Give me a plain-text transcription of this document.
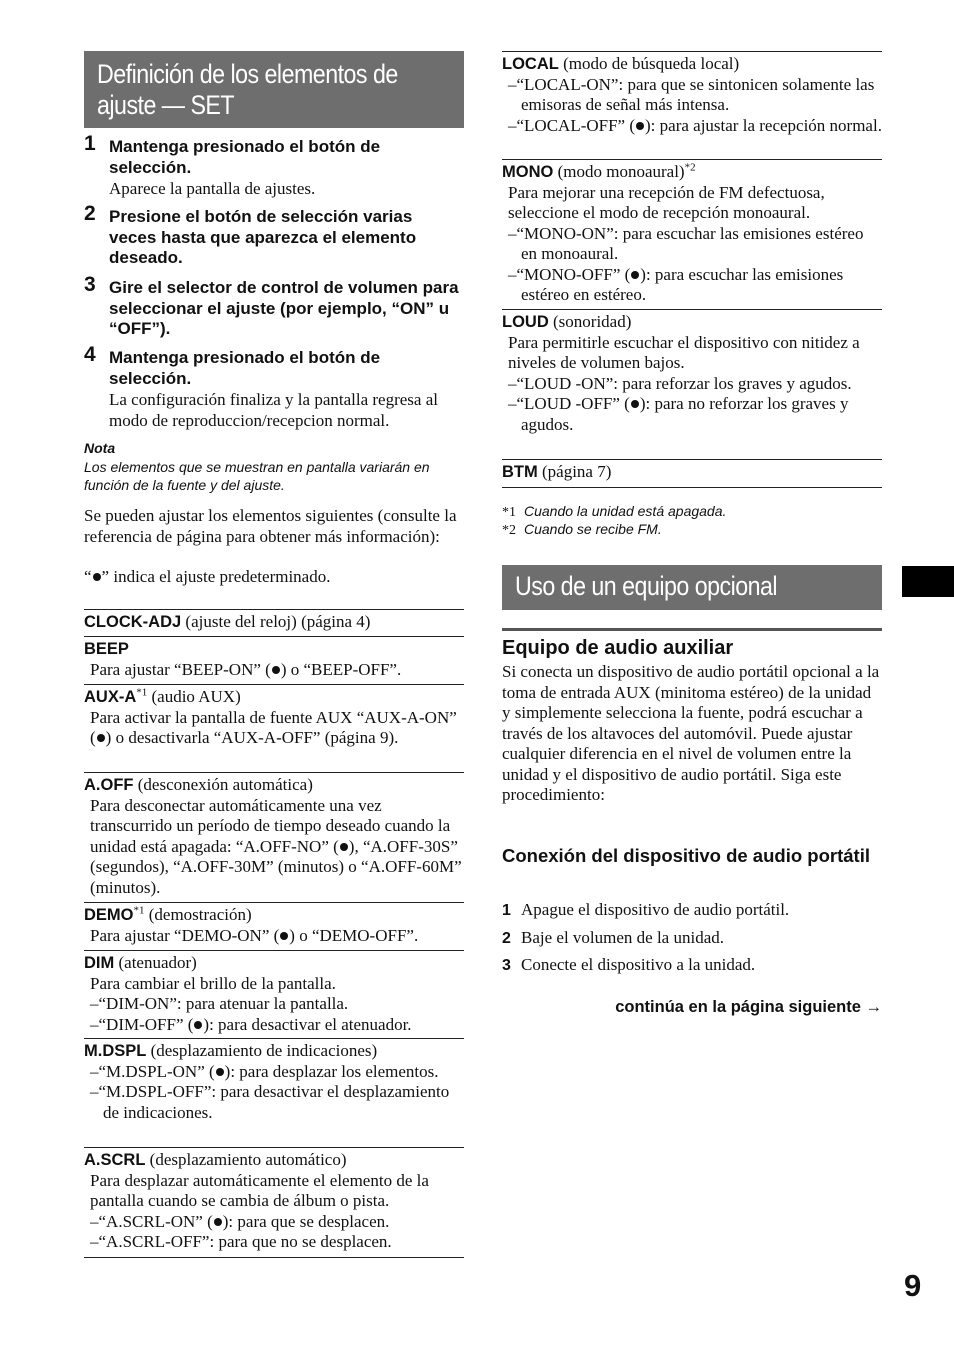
Definición de los elementos de
ajuste — SET
1 Mantenga presionado el botón de selección.
Aparece la pantalla de ajustes.
2 Presione el botón de selección varias veces hasta que aparezca el elemento deseado.
3 Gire el selector de control de volumen para seleccionar el ajuste (por ejemplo, “ON” u “OFF”).
4 Mantenga presionado el botón de selección.
La configuración finaliza y la pantalla regresa al modo de reproduccion/recepcion normal.
Nota
Los elementos que se muestran en pantalla variarán en función de la fuente y del ajuste.
Se pueden ajustar los elementos siguientes (consulte la referencia de página para obtener más información):
“ ” indica el ajuste predeterminado.
CLOCK-ADJ (ajuste del reloj) (página 4)
BEEP
Para ajustar “BEEP-ON” ( ) o “BEEP-OFF”.
AUX-$A^{*1}$ (audio AUX)
Para activar la pantalla de fuente AUX “AUX-A-ON” ( ) o desactivarla “AUX-A-OFF” (página 9).
A.OFF (desconexión automática)
Para desconectar automáticamente una vez transcurrido un período de tiempo deseado cuando la unidad está apagada: “A.OFF-NO” ( ), “A.OFF-30S” (segundos), “A.OFF-30M” (minutos) o “A.OFF-60M” (minutos).
DEMO$^{*1}$ (demostración)
Para ajustar “DEMO-ON” ( ) o “DEMO-OFF”.
DIM (atenuador)
Para cambiar el brillo de la pantalla.
–“DIM-ON”: para atenuar la pantalla.
–“DIM-OFF” ( ): para desactivar el atenuador.
M.DSPL (desplazamiento de indicaciones)
–“M.DSPL-ON” ( ): para desplazar los elementos.
–“M.DSPL-OFF”: para desactivar el desplazamiento de indicaciones.
A.SCRL (desplazamiento automático)
Para desplazar automáticamente el elemento de la pantalla cuando se cambia de álbum o pista.
–“A.SCRL-ON” ( ): para que se desplacen.
–“A.SCRL-OFF”: para que no se desplacen.
LOCAL (modo de búsqueda local)
–“LOCAL-ON”: para que se sintonicen solamente las emisoras de señal más intensa.
–“LOCAL-OFF” ( ): para ajustar la recepción normal.
MONO (modo monoaural)$^{*2}$
Para mejorar una recepción de FM defectuosa, seleccione el modo de recepción monoaural.
–“MONO-ON”: para escuchar las emisiones estéreo en monoaural.
–“MONO-OFF” ( ): para escuchar las emisiones estéreo en estéreo.
LOUD (sonoridad)
Para permitirle escuchar el dispositivo con nitidez a niveles de volumen bajos.
–“LOUD -ON”: para reforzar los graves y agudos.
–“LOUD -OFF” ( ): para no reforzar los graves y agudos.
BTM (página 7)
*1 Cuando la unidad está apagada.
*2 Cuando se recibe FM.
Uso de un equipo opcional
Equipo de audio auxiliar
Si conecta un dispositivo de audio portátil opcional a la toma de entrada AUX (minitoma estéreo) de la unidad y simplemente selecciona la fuente, podrá escuchar a través de los altavoces del automóvil. Puede ajustar cualquier diferencia en el nivel de volumen entre la unidad y el dispositivo de audio portátil. Siga este procedimiento:
Conexión del dispositivo de audio portátil
1 Apague el dispositivo de audio portátil.
2 Baje el volumen de la unidad.
3 Conecte el dispositivo a la unidad.
continúa en la página siguiente →
9
